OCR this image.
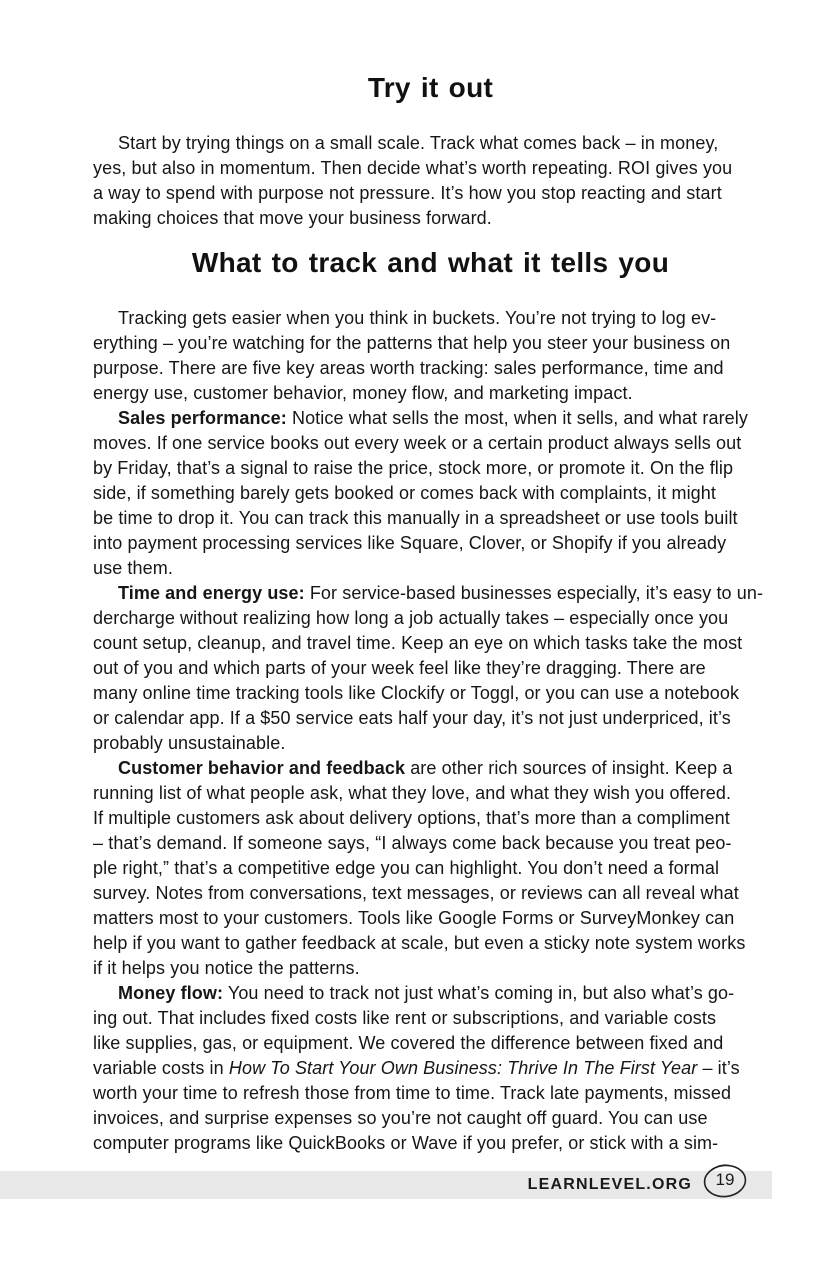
Try it out
Start by trying things on a small scale. Track what comes back – in money,
yes, but also in momentum. Then decide what’s worth repeating. ROI gives you
a way to spend with purpose not pressure. It’s how you stop reacting and start
making choices that move your business forward.
What to track and what it tells you
Tracking gets easier when you think in buckets. You’re not trying to log ev-
erything – you’re watching for the patterns that help you steer your business on
purpose. There are five key areas worth tracking: sales performance, time and
energy use, customer behavior, money flow, and marketing impact.
Sales performance: Notice what sells the most, when it sells, and what rarely
moves. If one service books out every week or a certain product always sells out
by Friday, that’s a signal to raise the price, stock more, or promote it. On the flip
side, if something barely gets booked or comes back with complaints, it might
be time to drop it. You can track this manually in a spreadsheet or use tools built
into payment processing services like Square, Clover, or Shopify if you already
use them.
Time and energy use: For service-based businesses especially, it’s easy to un-
dercharge without realizing how long a job actually takes – especially once you
count setup, cleanup, and travel time. Keep an eye on which tasks take the most
out of you and which parts of your week feel like they’re dragging. There are
many online time tracking tools like Clockify or Toggl, or you can use a notebook
or calendar app. If a $50 service eats half your day, it’s not just underpriced, it’s
probably unsustainable.
Customer behavior and feedback are other rich sources of insight. Keep a
running list of what people ask, what they love, and what they wish you offered.
If multiple customers ask about delivery options, that’s more than a compliment
– that’s demand. If someone says, “I always come back because you treat peo-
ple right,” that’s a competitive edge you can highlight. You don’t need a formal
survey. Notes from conversations, text messages, or reviews can all reveal what
matters most to your customers. Tools like Google Forms or SurveyMonkey can
help if you want to gather feedback at scale, but even a sticky note system works
if it helps you notice the patterns.
Money flow: You need to track not just what’s coming in, but also what’s go-
ing out. That includes fixed costs like rent or subscriptions, and variable costs
like supplies, gas, or equipment. We covered the difference between fixed and
variable costs in How To Start Your Own Business: Thrive In The First Year – it’s
worth your time to refresh those from time to time. Track late payments, missed
invoices, and surprise expenses so you’re not caught off guard. You can use
computer programs like QuickBooks or Wave if you prefer, or stick with a sim-
LEARNLEVEL.ORG	19
